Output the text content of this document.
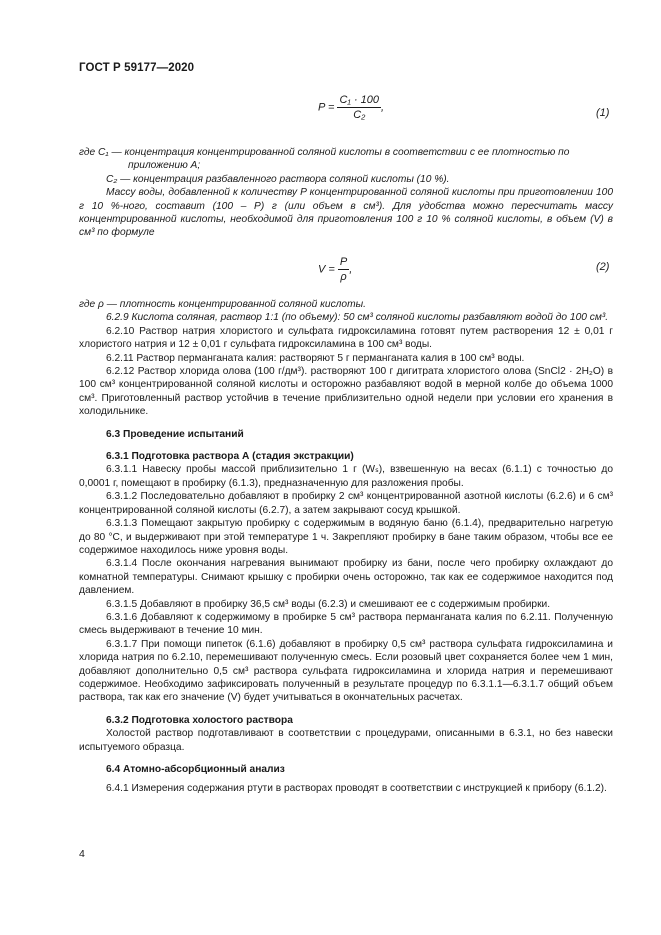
ГОСТ Р 59177—2020
$P = \frac{\text{C₁ · 100}}{\text{C₂}}$ ,	(1)

где C₁ — концентрация концентрированной соляной кислоты в соответствии с ее плотностью по

приложению А;

C₂ — концентрация разбавленного раствора соляной кислоты (10 %).

Массу воды, добавленной к количеству P концентрированной соляной кислоты при приготовлении 100 г 10 %-ного, составит (100 – P) г (или объем в см³). Для удобства можно пересчитать массу концентрированной кислоты, необходимой для приготовления 100 г 10 % соляной кислоты, в объем (V) в см³ по формуле

$V = \frac{P}{\rho}$ ,	(2)

где ρ — плотность концентрированной соляной кислоты.

6.2.9 Кислота соляная, раствор 1:1 (по объему): 50 см³ соляной кислоты разбавляют водой до 100 см³.

6.2.10 Раствор натрия хлористого и сульфата гидроксиламина готовят путем растворения 12 ± 0,01 г хлористого натрия и 12 ± 0,01 г сульфата гидроксиламина в 100 см³ воды.

6.2.11 Раствор перманганата калия: растворяют 5 г перманганата калия в 100 см³ воды.

6.2.12 Раствор хлорида олова (100 г/дм³). растворяют 100 г дигитрата хлористого олова (SnCl2 · 2H₂O) в 100 см³ концентрированной соляной кислоты и осторожно разбавляют водой в мерной колбе до объема 1000 см³. Приготовленный раствор устойчив в течение приблизительно одной недели при условии его хранения в холодильнике.

6.3 Проведение испытаний

6.3.1 Подготовка раствора А (стадия экстракции)

6.3.1.1 Навеску пробы массой приблизительно 1 г (Wₛ), взвешенную на весах (6.1.1) с точностью до 0,0001 г, помещают в пробирку (6.1.3), предназначенную для разложения пробы.

6.3.1.2 Последовательно добавляют в пробирку 2 см³ концентрированной азотной кислоты (6.2.6) и 6 см³ концентрированной соляной кислоты (6.2.7), а затем закрывают сосуд крышкой.

6.3.1.3 Помещают закрытую пробирку с содержимым в водяную баню (6.1.4), предварительно нагретую до 80 °С, и выдерживают при этой температуре 1 ч. Закрепляют пробирку в бане таким образом, чтобы все ее содержимое находилось ниже уровня воды.

6.3.1.4 После окончания нагревания вынимают пробирку из бани, после чего пробирку охлаждают до комнатной температуры. Снимают крышку с пробирки очень осторожно, так как ее содержимое находится под давлением.

6.3.1.5 Добавляют в пробирку 36,5 см³ воды (6.2.3) и смешивают ее с содержимым пробирки.

6.3.1.6 Добавляют к содержимому в пробирке 5 см³ раствора перманганата калия по 6.2.11. Полученную смесь выдерживают в течение 10 мин.

6.3.1.7 При помощи пипеток (6.1.6) добавляют в пробирку 0,5 см³ раствора сульфата гидроксиламина и хлорида натрия по 6.2.10, перемешивают полученную смесь. Если розовый цвет сохраняется более чем 1 мин, добавляют дополнительно 0,5 см³ раствора сульфата гидроксиламина и хлорида натрия и перемешивают содержимое. Необходимо зафиксировать полученный в результате процедур по 6.3.1.1—6.3.1.7 общий объем раствора, так как его значение (V) будет учитываться в окончательных расчетах.

6.3.2 Подготовка холостого раствора

Холостой раствор подготавливают в соответствии с процедурами, описанными в 6.3.1, но без навески испытуемого образца.

6.4 Атомно-абсорбционный анализ

6.4.1 Измерения содержания ртути в растворах проводят в соответствии с инструкцией к прибору (6.1.2).

4
